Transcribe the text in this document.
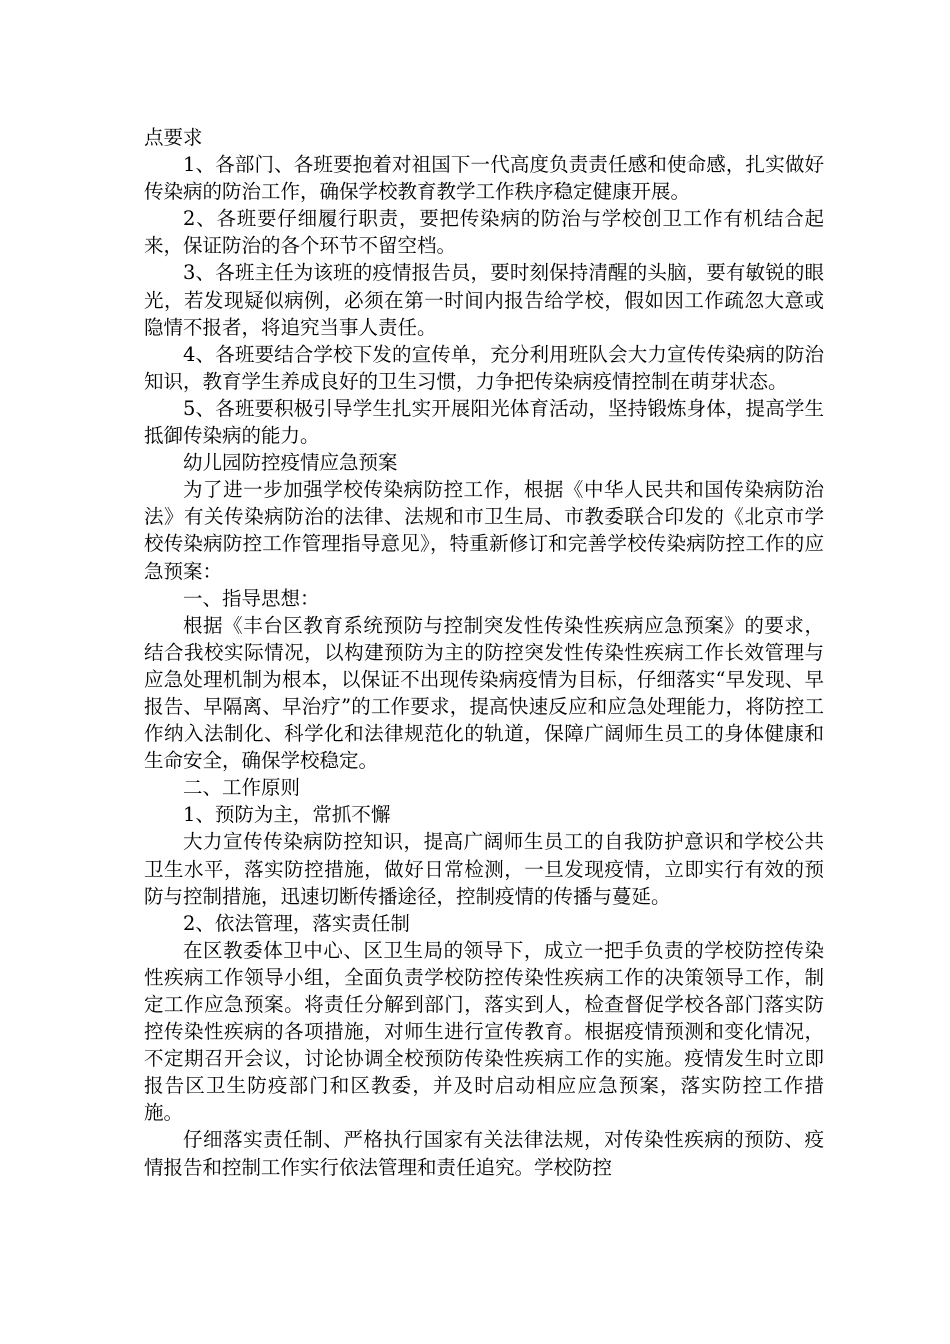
点要求

1、各部门、各班要抱着对祖国下一代高度负责责任感和使命感，扎实做好传染病的防治工作，确保学校教育教学工作秩序稳定健康开展。

2、各班要仔细履行职责，要把传染病的防治与学校创卫工作有机结合起来，保证防治的各个环节不留空档。

3、各班主任为该班的疫情报告员，要时刻保持清醒的头脑，要有敏锐的眼光，若发现疑似病例，必须在第一时间内报告给学校，假如因工作疏忽大意或隐情不报者，将追究当事人责任。

4、各班要结合学校下发的宣传单，充分利用班队会大力宣传传染病的防治知识，教育学生养成良好的卫生习惯，力争把传染病疫情控制在萌芽状态。

5、各班要积极引导学生扎实开展阳光体育活动，坚持锻炼身体，提高学生抵御传染病的能力。

幼儿园防控疫情应急预案

为了进一步加强学校传染病防控工作，根据《中华人民共和国传染病防治法》有关传染病防治的法律、法规和市卫生局、市教委联合印发的《北京市学校传染病防控工作管理指导意见》，特重新修订和完善学校传染病防控工作的应急预案：

一、指导思想：

根据《丰台区教育系统预防与控制突发性传染性疾病应急预案》的要求，结合我校实际情况，以构建预防为主的防控突发性传染性疾病工作长效管理与应急处理机制为根本，以保证不出现传染病疫情为目标，仔细落实“早发现、早报告、早隔离、早治疗”的工作要求，提高快速反应和应急处理能力，将防控工作纳入法制化、科学化和法律规范化的轨道，保障广阔师生员工的身体健康和生命安全，确保学校稳定。

二、工作原则

1、预防为主，常抓不懈

大力宣传传染病防控知识，提高广阔师生员工的自我防护意识和学校公共卫生水平，落实防控措施，做好日常检测，一旦发现疫情，立即实行有效的预防与控制措施，迅速切断传播途径，控制疫情的传播与蔓延。

2、依法管理，落实责任制

在区教委体卫中心、区卫生局的领导下，成立一把手负责的学校防控传染性疾病工作领导小组，全面负责学校防控传染性疾病工作的决策领导工作，制定工作应急预案。将责任分解到部门，落实到人，检查督促学校各部门落实防控传染性疾病的各项措施，对师生进行宣传教育。根据疫情预测和变化情况，不定期召开会议，讨论协调全校预防传染性疾病工作的实施。疫情发生时立即报告区卫生防疫部门和区教委，并及时启动相应应急预案，落实防控工作措施。

仔细落实责任制、严格执行国家有关法律法规，对传染性疾病的预防、疫情报告和控制工作实行依法管理和责任追究。学校防控
